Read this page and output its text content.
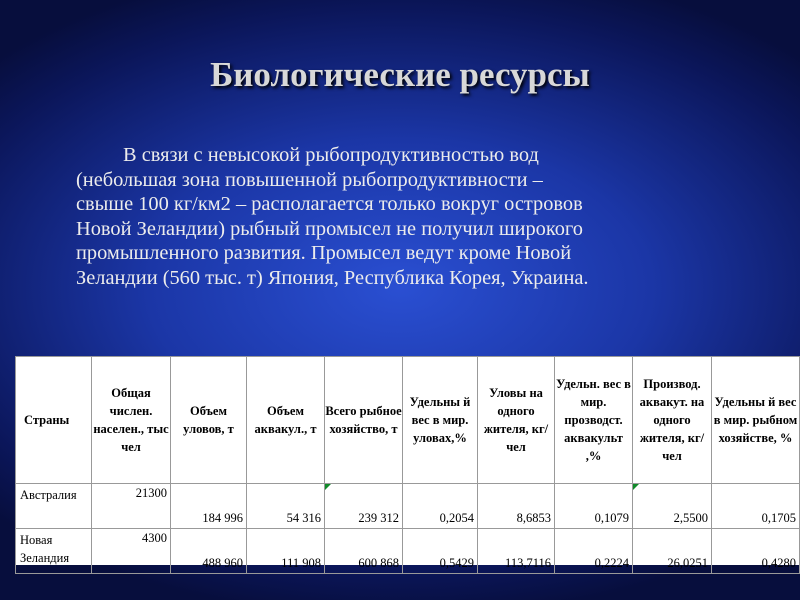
Биологические ресурсы
В связи с невысокой рыбопродуктивностью вод
(небольшая зона повышенной рыбопродуктивности –
свыше 100 кг/км2 – располагается только вокруг островов
Новой Зеландии) рыбный промысел не получил широкого
промышленного развития. Промысел ведут кроме Новой
Зеландии (560 тыс. т) Япония, Республика Корея, Украина.
Страны	Общая числен. населен., тыс чел	Объем уловов, т	Объем аквакул., т	Всего рыбное хозяйство, т	Удельны й вес в мир. уловах,%	Уловы на одного жителя, кг/чел	Удельн. вес в мир. прозводст. аквакульт ,%	Производ. аквакут. на одного жителя, кг/чел	Удельны й вес в мир. рыбном хозяйстве, %
Австралия	21300	184 996	54 316	239 312	0,2054	8,6853	0,1079	2,5500	0,1705
Новая Зеландия	4300	488 960	111 908	600 868	0,5429	113,7116	0,2224	26,0251	0,4280
